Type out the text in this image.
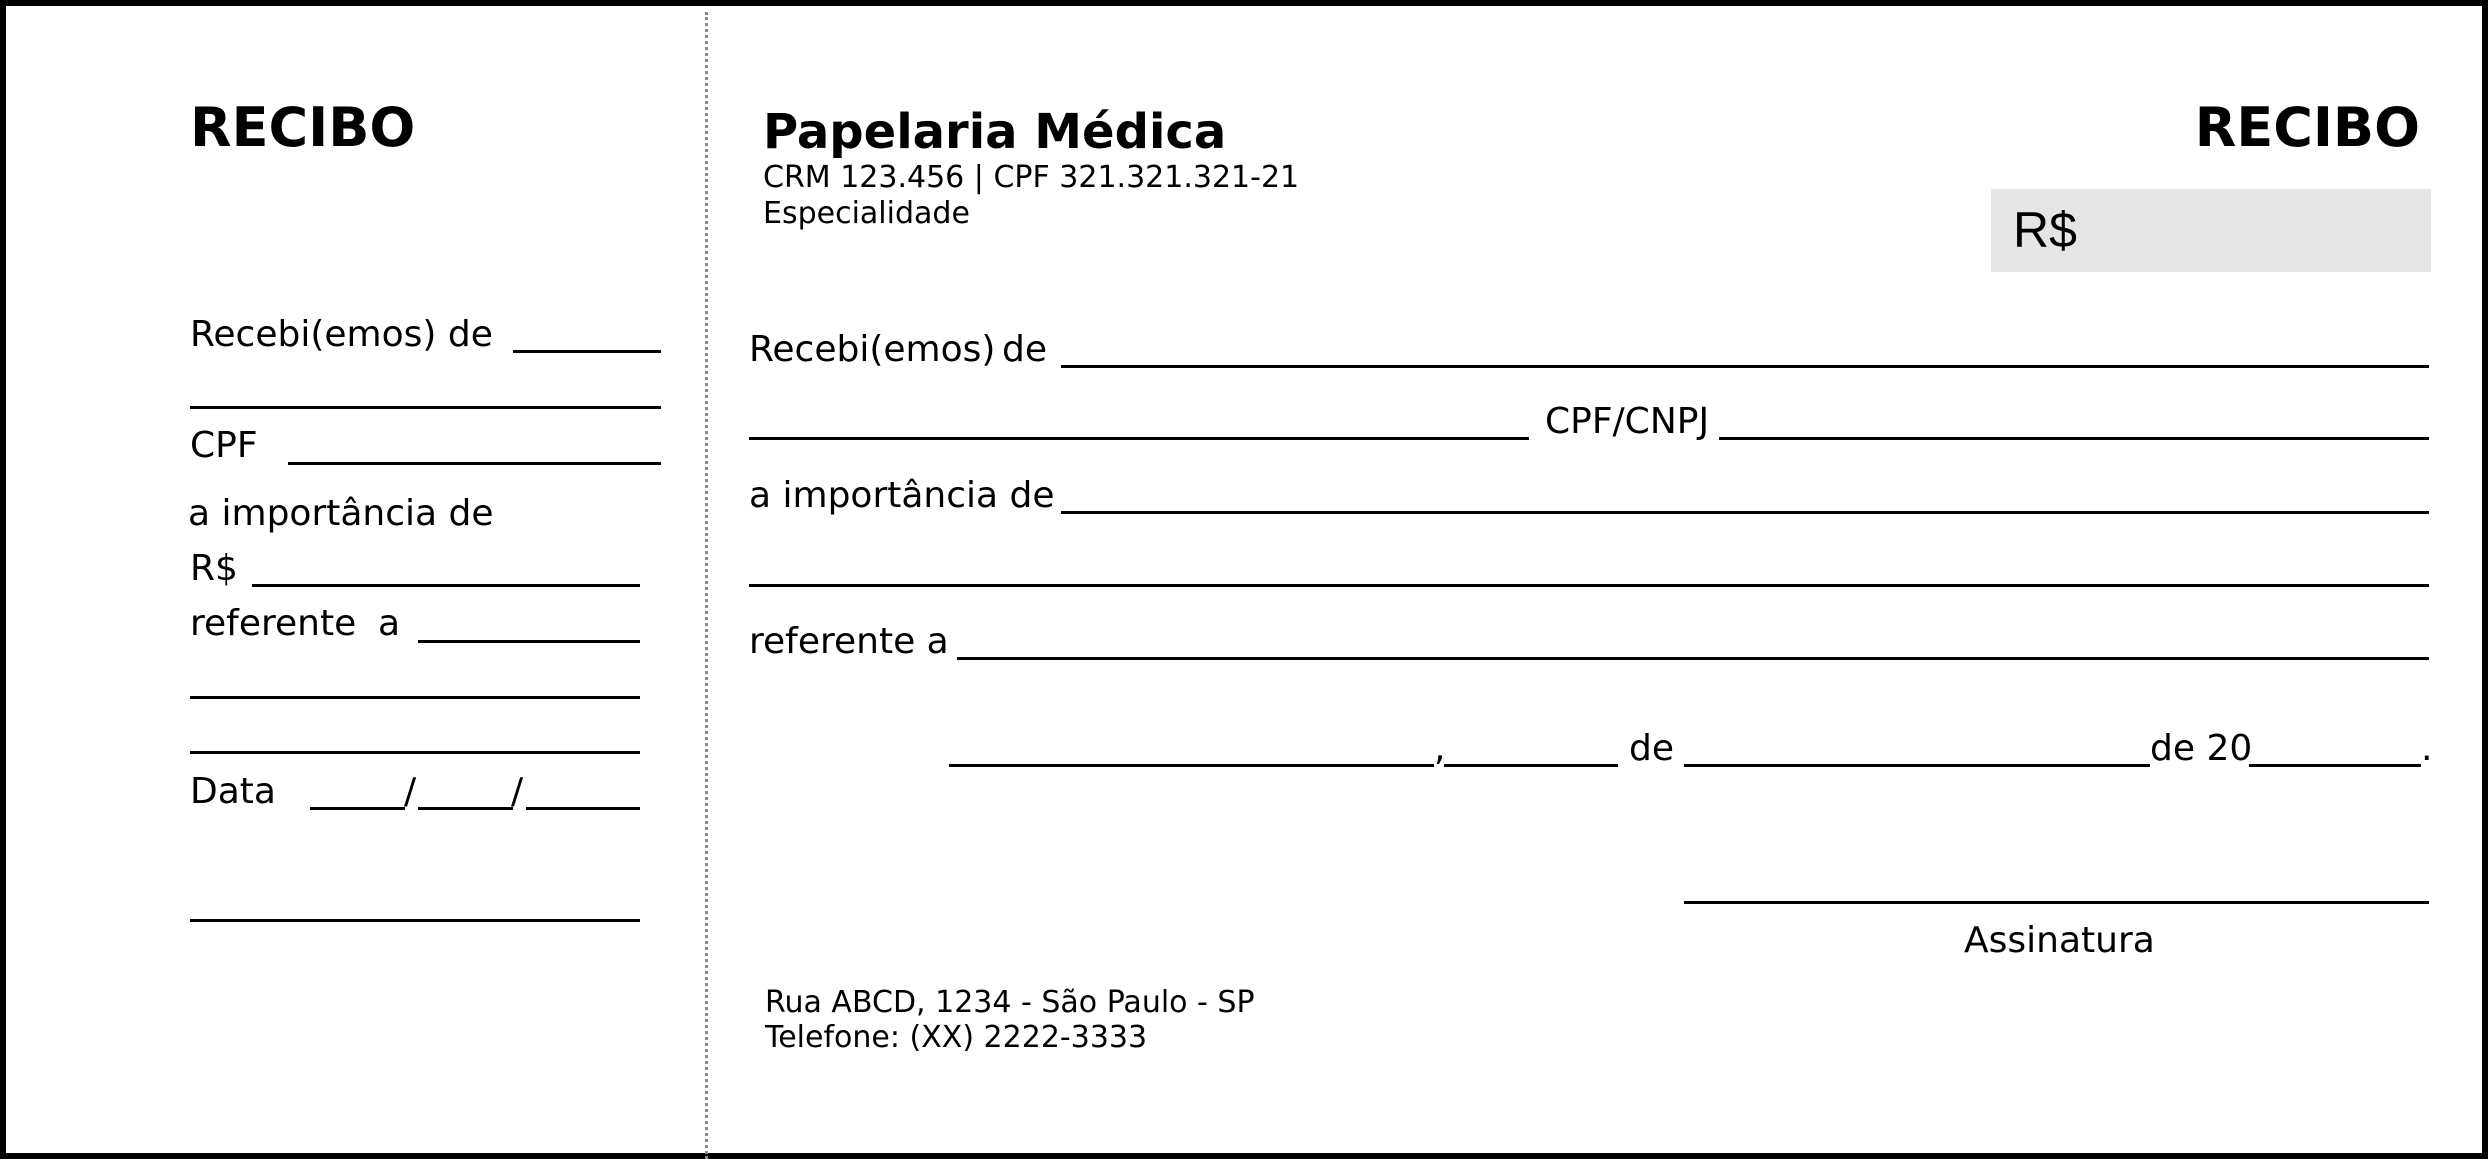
RECIBO
Recebi(emos) de
CPF
a importância de
R$
referente a
Data	/	/
Papelaria Médica
CRM 123.456 | CPF 321.321.321-21
Especialidade
RECIBO
R$
Recebi(emos) de
CPF/CNPJ
a importância de
referente a
,	de	de 20	.
Assinatura
Rua ABCD, 1234 - São Paulo - SP
Telefone: (XX) 2222-3333
